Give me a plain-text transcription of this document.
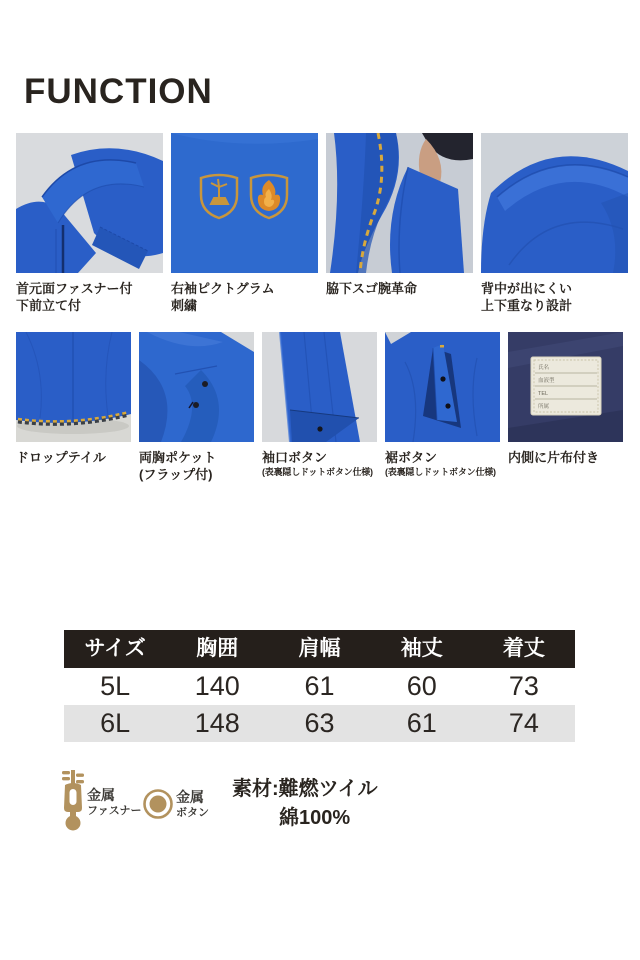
FUNCTION
首元面ファスナー付
下前立て付
右袖ピクトグラム
刺繍
脇下スゴ腕革命	背中が出にくい
上下重なり設計
氏名
血液型
TEL
所属
ドロップテイル	両胸ポケット
(フラップ付)
袖口ボタン
(表裏隠しドットボタン仕様)
裾ボタン
(表裏隠しドットボタン仕様)
内側に片布付き
サイズ	胸囲	肩幅	袖丈	着丈
5L	140	61	60	73
6L	148	63	61	74
金属
ファスナー
金属
ボタン
素材:難燃ツイル
綿100%
